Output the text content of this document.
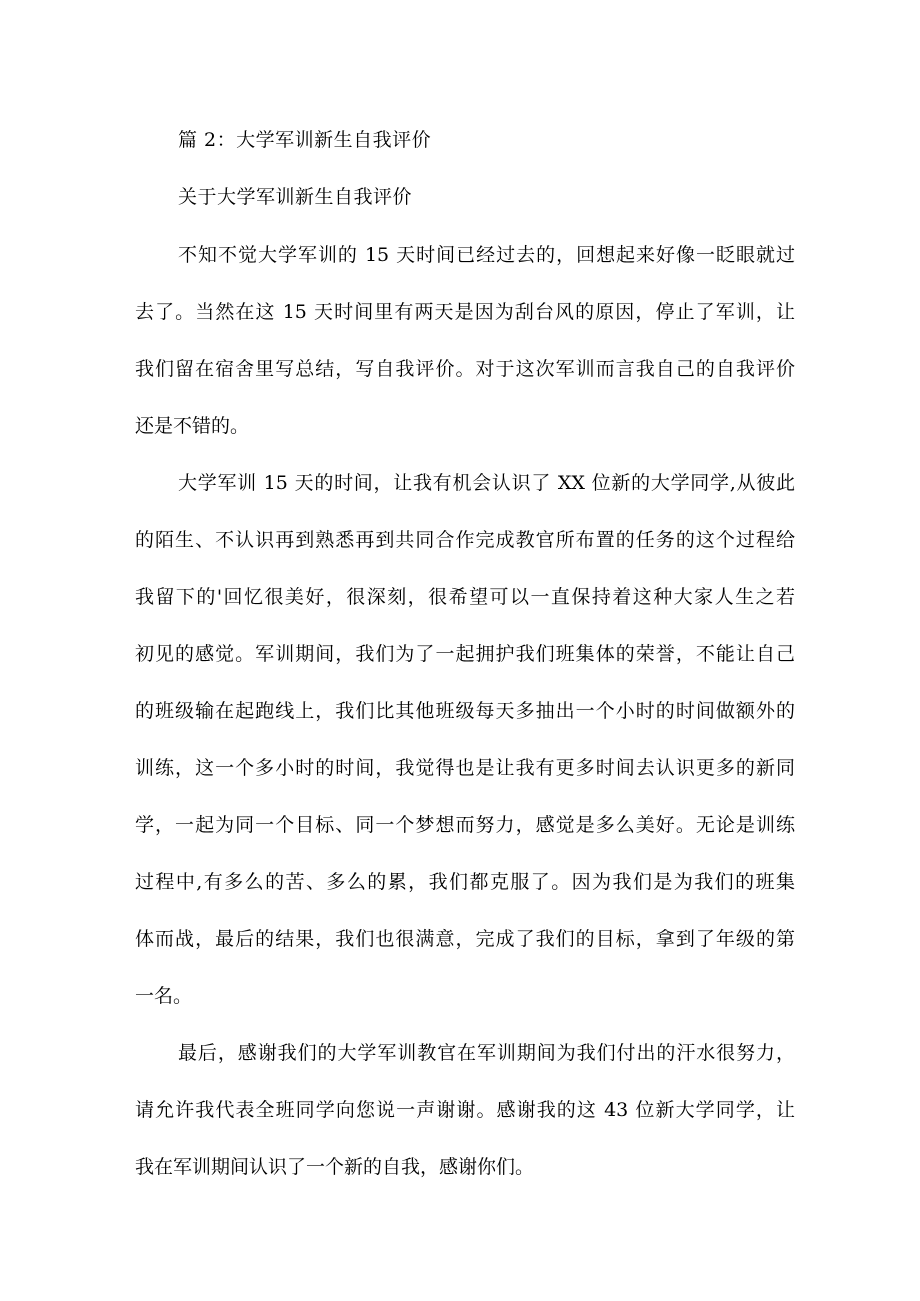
篇 2：大学军训新生自我评价
关于大学军训新生自我评价
不知不觉大学军训的 15 天时间已经过去的，回想起来好像一眨眼就过
去了。当然在这 15 天时间里有两天是因为刮台风的原因，停止了军训，让
我们留在宿舍里写总结，写自我评价。对于这次军训而言我自己的自我评价
还是不错的。
大学军训 15 天的时间，让我有机会认识了 XX 位新的大学同学,从彼此
的陌生、不认识再到熟悉再到共同合作完成教官所布置的任务的这个过程给
我留下的'回忆很美好，很深刻，很希望可以一直保持着这种大家人生之若
初见的感觉。军训期间，我们为了一起拥护我们班集体的荣誉，不能让自己
的班级输在起跑线上，我们比其他班级每天多抽出一个小时的时间做额外的
训练，这一个多小时的时间，我觉得也是让我有更多时间去认识更多的新同
学，一起为同一个目标、同一个梦想而努力，感觉是多么美好。无论是训练
过程中,有多么的苦、多么的累，我们都克服了。因为我们是为我们的班集
体而战，最后的结果，我们也很满意，完成了我们的目标，拿到了年级的第
一名。
最后，感谢我们的大学军训教官在军训期间为我们付出的汗水很努力，
请允许我代表全班同学向您说一声谢谢。感谢我的这 43 位新大学同学，让
我在军训期间认识了一个新的自我，感谢你们。
